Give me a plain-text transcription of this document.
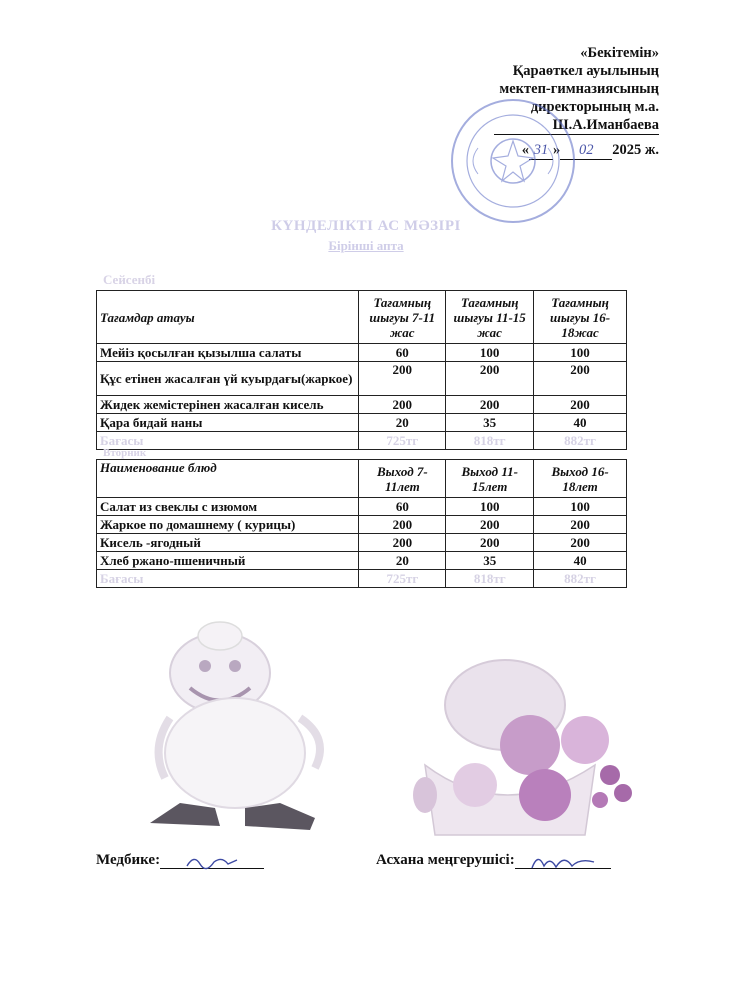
«Бекітемін»
Қараөткел ауылының
мектеп-гимназиясының
директорының м.а.
Ш.А.Иманбаева
« 31 » 02 2025 ж.
КҮНДЕЛІКТІ АС МӘЗІРІ
Бірінші апта
Сейсенбі
Тағамдар атауы	Тағамның шығуы 7-11 жас	Тағамның шығуы 11-15 жас	Тағамның шығуы 16-18жас
Мейіз қосылған қызылша салаты	60	100	100
Құс етінен жасалған үй куырдағы(жаркое)	200	200	200
Жидек жемістерінен жасалған кисель	200	200	200
Қара бидай наны	20	35	40
Бағасы	725тг	818тг	882тг
Вторник
Наименование блюд	Выход 7-11лет	Выход 11-15лет	Выход 16-18лет
Салат из свеклы с изюмом	60	100	100
Жаркое по домашнему ( курицы)	200	200	200
Кисель -ягодный	200	200	200
Хлеб ржано-пшеничный	20	35	40
Бағасы	725тг	818тг	882тг
Медбике:	Асхана меңгерушісі:
